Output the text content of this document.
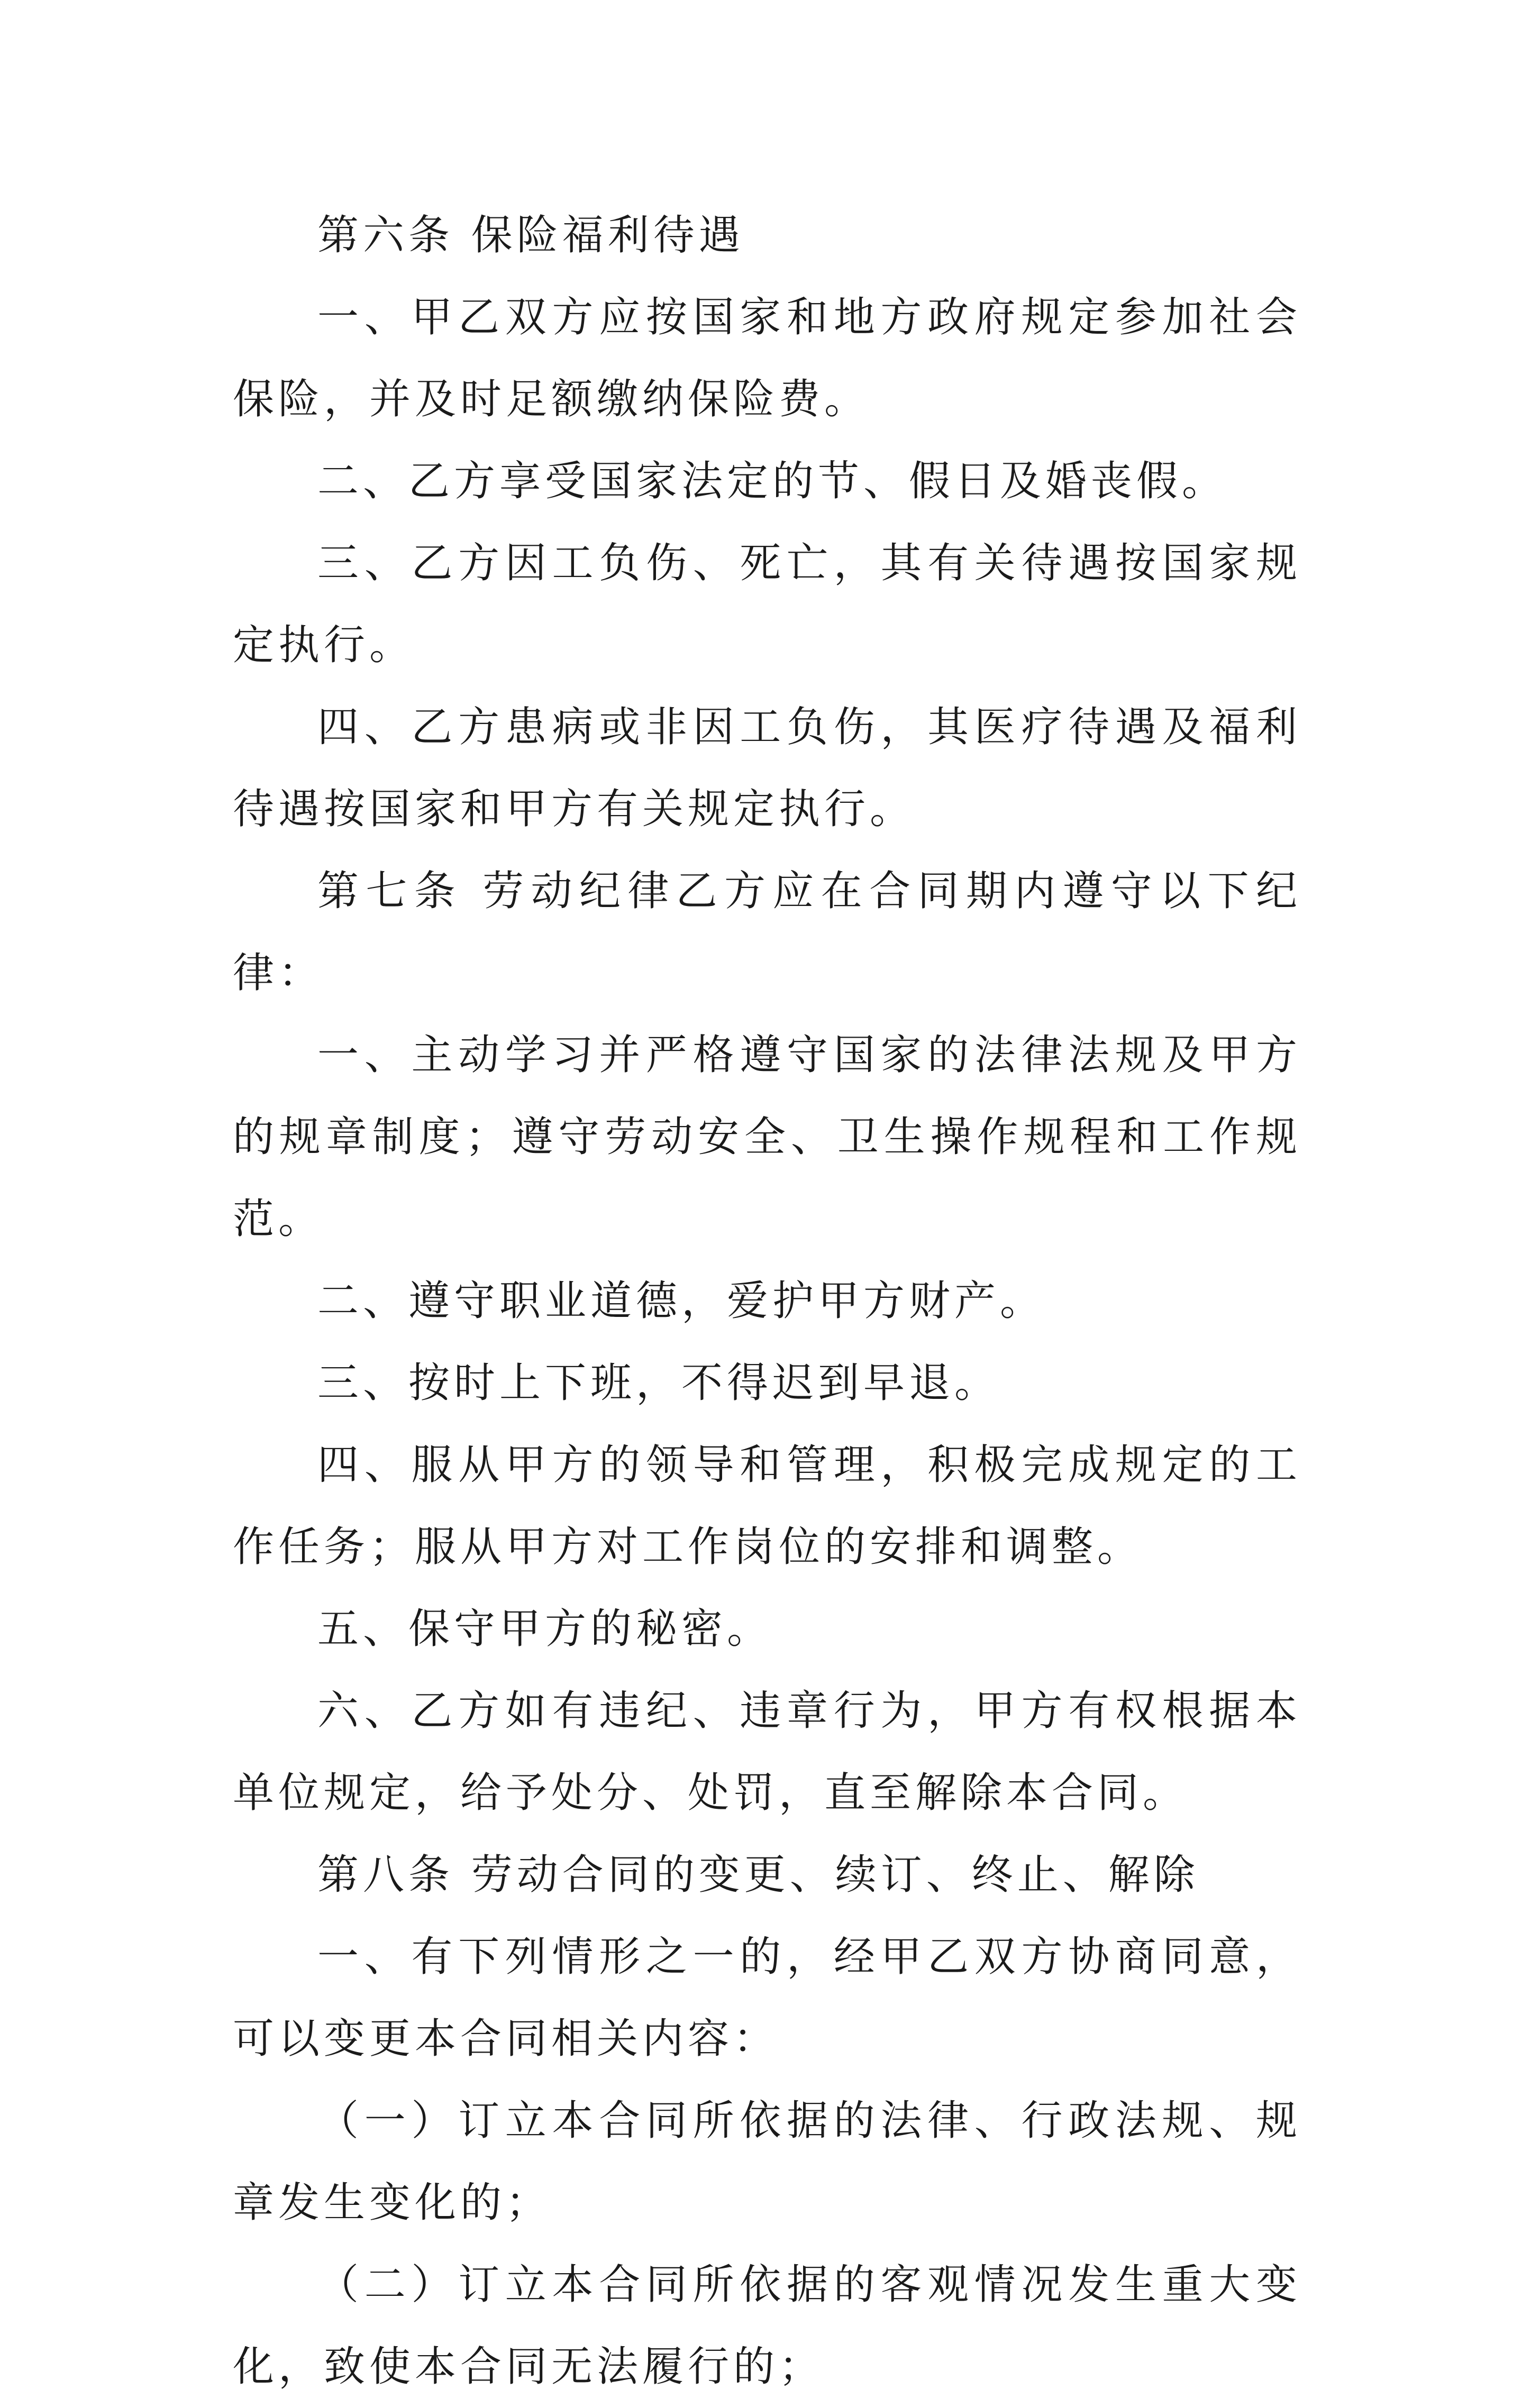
第六条 保险福利待遇

一、甲乙双方应按国家和地方政府规定参加社会保险，并及时足额缴纳保险费。

二、乙方享受国家法定的节、假日及婚丧假。

三、乙方因工负伤、死亡，其有关待遇按国家规定执行。

四、乙方患病或非因工负伤，其医疗待遇及福利待遇按国家和甲方有关规定执行。

第七条 劳动纪律乙方应在合同期内遵守以下纪律：

一、主动学习并严格遵守国家的法律法规及甲方的规章制度；遵守劳动安全、卫生操作规程和工作规范。

二、遵守职业道德，爱护甲方财产。

三、按时上下班，不得迟到早退。

四、服从甲方的领导和管理，积极完成规定的工作任务；服从甲方对工作岗位的安排和调整。

五、保守甲方的秘密。

六、乙方如有违纪、违章行为，甲方有权根据本单位规定，给予处分、处罚，直至解除本合同。

第八条 劳动合同的变更、续订、终止、解除

一、有下列情形之一的，经甲乙双方协商同意，可以变更本合同相关内容：

（一）订立本合同所依据的法律、行政法规、规章发生变化的；

（二）订立本合同所依据的客观情况发生重大变化，致使本合同无法履行的；
